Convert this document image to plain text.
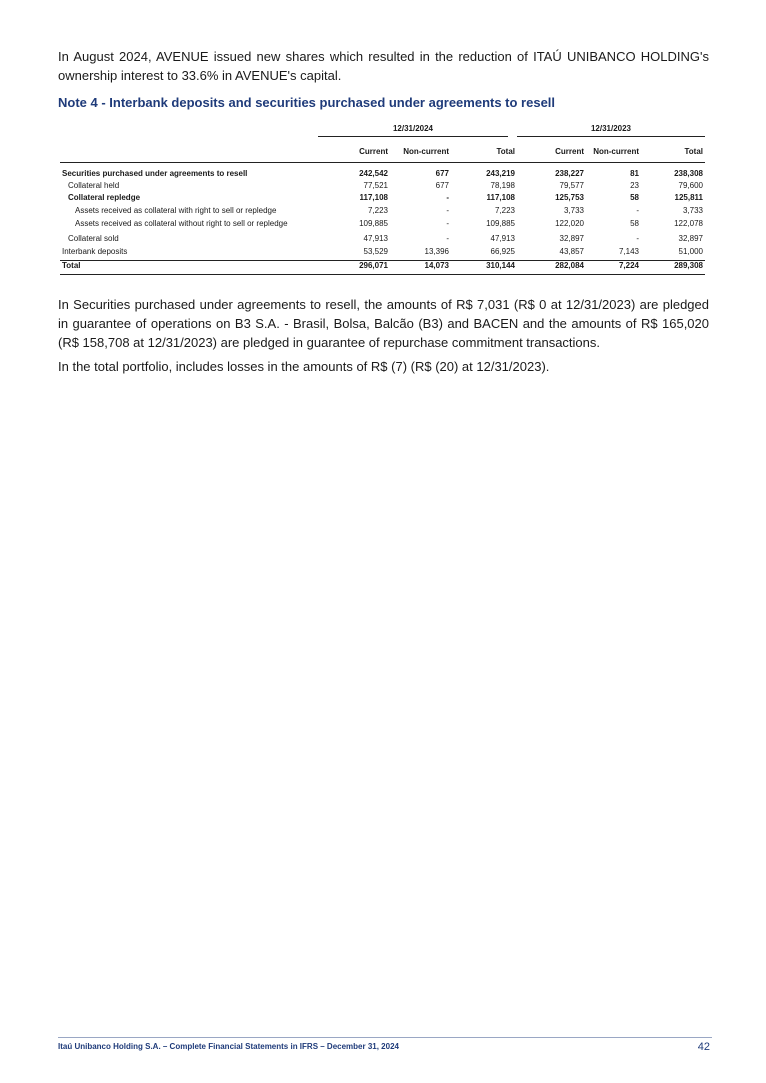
In August 2024, AVENUE issued new shares which resulted in the reduction of ITAÚ UNIBANCO HOLDING's ownership interest to 33.6% in AVENUE's capital.

Note 4 - Interbank deposits and securities purchased under agreements to resell
12/31/2024	12/31/2023
Current Non-current	Total	Current Non-current	Total
Securities purchased under agreements to resell	242,542	677	243,219	238,227	81	238,308
Collateral held	77,521	677	78,198	79,577	23	79,600
Collateral repledge	117,108	-	117,108	125,753	58	125,811
Assets received as collateral with right to sell or repledge	7,223	-	7,223	3,733	-	3,733
Assets received as collateral without right to sell or repledge	109,885	-	109,885	122,020	58	122,078
Collateral sold	47,913	-	47,913	32,897	-	32,897
Interbank deposits	53,529	13,396	66,925	43,857	7,143	51,000
Total	296,071	14,073	310,144	282,084	7,224	289,308

In Securities purchased under agreements to resell, the amounts of R$ 7,031 (R$ 0 at 12/31/2023) are pledged in guarantee of operations on B3 S.A. - Brasil, Bolsa, Balcão (B3) and BACEN and the amounts of R$ 165,020 (R$ 158,708 at 12/31/2023) are pledged in guarantee of repurchase commitment transactions.

In the total portfolio, includes losses in the amounts of R$ (7) (R$ (20) at 12/31/2023).

Itaú Unibanco Holding S.A. – Complete Financial Statements in IFRS – December 31, 2024	42
